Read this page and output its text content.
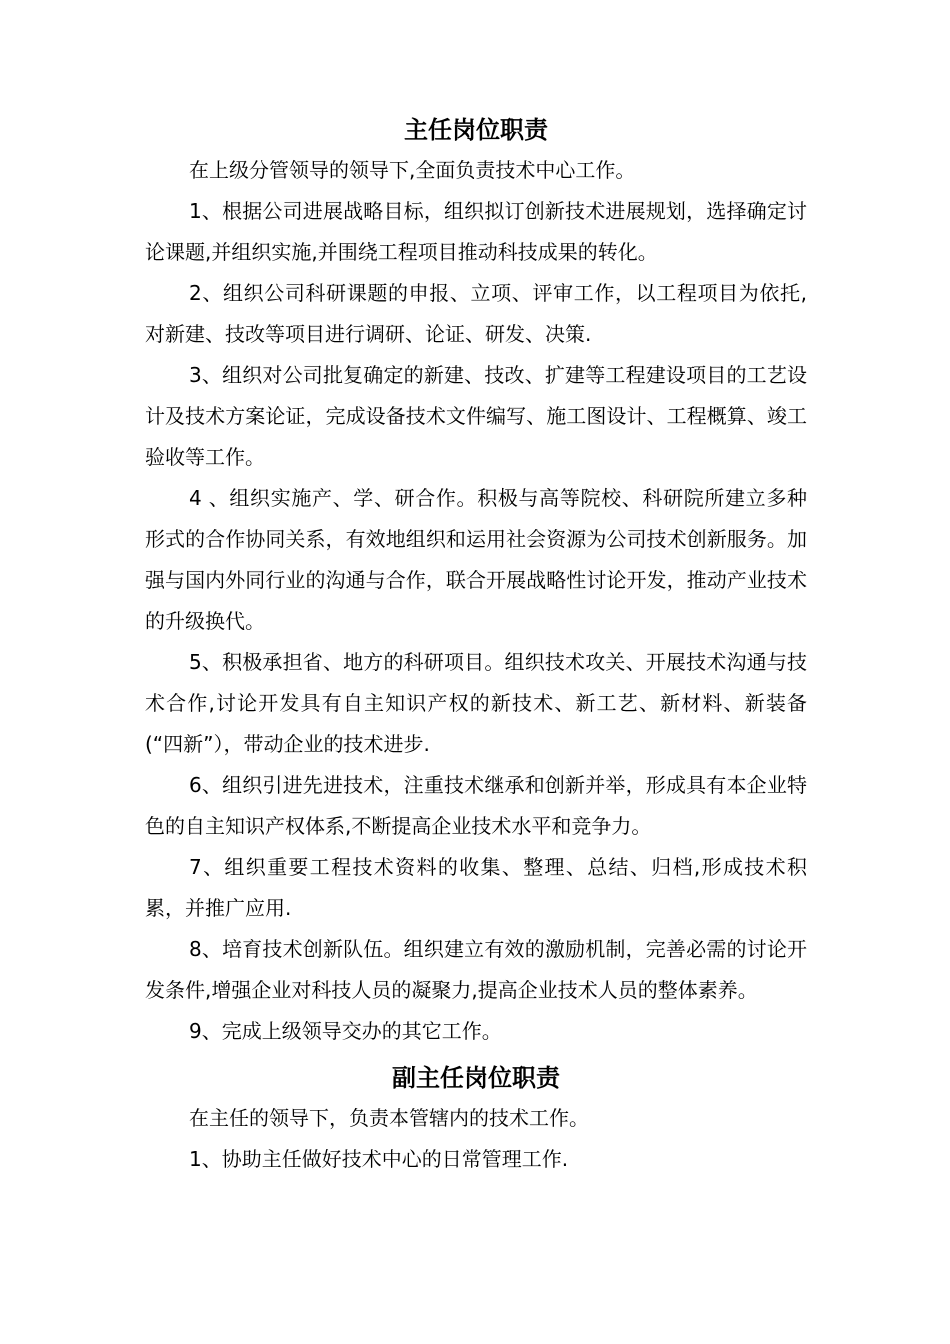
主任岗位职责

在上级分管领导的领导下,全面负责技术中心工作。

1、根据公司进展战略目标，组织拟订创新技术进展规划，选择确定讨论课题,并组织实施,并围绕工程项目推动科技成果的转化。

2、组织公司科研课题的申报、立项、评审工作，以工程项目为依托,对新建、技改等项目进行调研、论证、研发、决策.

3、组织对公司批复确定的新建、技改、扩建等工程建设项目的工艺设计及技术方案论证，完成设备技术文件编写、施工图设计、工程概算、竣工验收等工作。

4 、组织实施产、学、研合作。积极与高等院校、科研院所建立多种形式的合作协同关系，有效地组织和运用社会资源为公司技术创新服务。加强与国内外同行业的沟通与合作，联合开展战略性讨论开发，推动产业技术的升级换代。

5、积极承担省、地方的科研项目。组织技术攻关、开展技术沟通与技术合作,讨论开发具有自主知识产权的新技术、新工艺、新材料、新装备(“四新”），带动企业的技术进步.

6、组织引进先进技术，注重技术继承和创新并举，形成具有本企业特色的自主知识产权体系,不断提高企业技术水平和竞争力。

7、组织重要工程技术资料的收集、整理、总结、归档,形成技术积累，并推广应用.

8、培育技术创新队伍。组织建立有效的激励机制，完善必需的讨论开发条件,增强企业对科技人员的凝聚力,提高企业技术人员的整体素养。

9、完成上级领导交办的其它工作。

副主任岗位职责

在主任的领导下，负责本管辖内的技术工作。

1、协助主任做好技术中心的日常管理工作.
